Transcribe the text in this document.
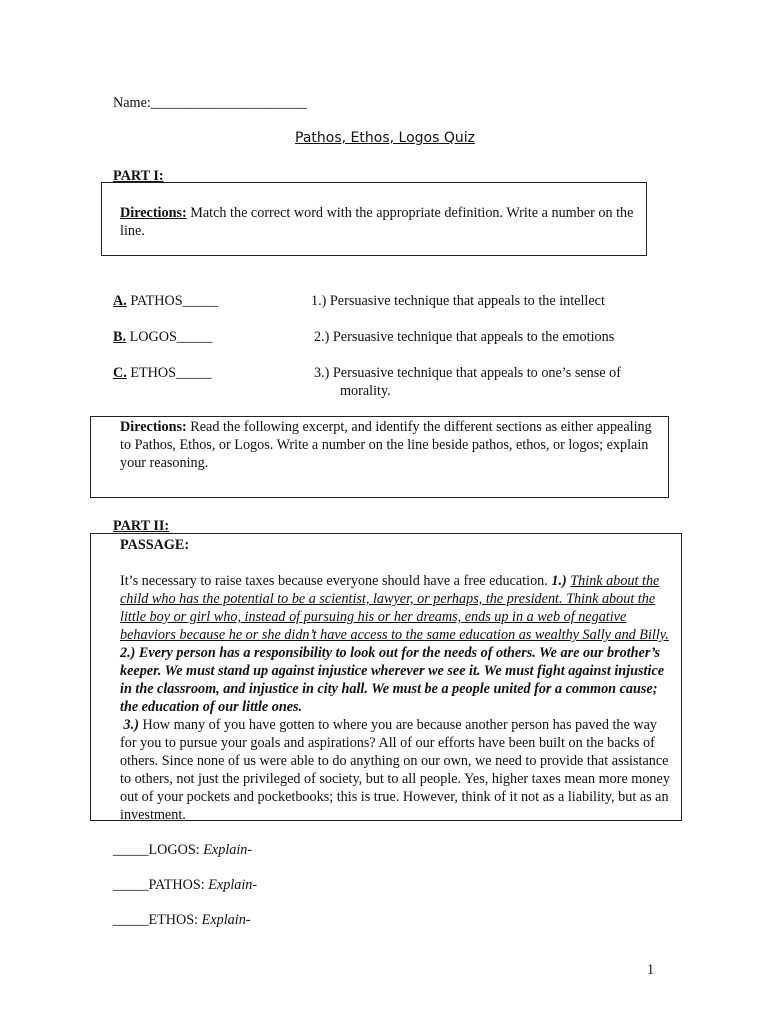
Name:______________________
Pathos, Ethos, Logos Quiz
PART I:
Directions: Match the correct word with the appropriate definition. Write a number on the line.
A. PATHOS_____
B. LOGOS_____
C. ETHOS_____
1.) Persuasive technique that appeals to the intellect
2.) Persuasive technique that appeals to the emotions
3.) Persuasive technique that appeals to one’s sense of
morality.
Directions: Read the following excerpt, and identify the different sections as either appealing to Pathos, Ethos, or Logos. Write a number on the line beside pathos, ethos, or logos; explain your reasoning.
PART II:

PASSAGE:

It’s necessary to raise taxes because everyone should have a free education. 1.) Think about the child who has the potential to be a scientist, lawyer, or perhaps, the president. Think about the little boy or girl who, instead of pursuing his or her dreams, ends up in a web of negative behaviors because he or she didn’t have access to the same education as wealthy Sally and Billy. 2.) Every person has a responsibility to look out for the needs of others. We are our brother’s keeper. We must stand up against injustice wherever we see it. We must fight against injustice in the classroom, and injustice in city hall. We must be a people united for a common cause; the education of our little ones.

3.) How many of you have gotten to where you are because another person has paved the way for you to pursue your goals and aspirations? All of our efforts have been built on the backs of others. Since none of us were able to do anything on our own, we need to provide that assistance to others, not just the privileged of society, but to all people. Yes, higher taxes mean more money out of your pockets and pocketbooks; this is true. However, think of it not as a liability, but as an investment.

_____LOGOS: Explain-
_____PATHOS: Explain-
_____ETHOS: Explain-
1
